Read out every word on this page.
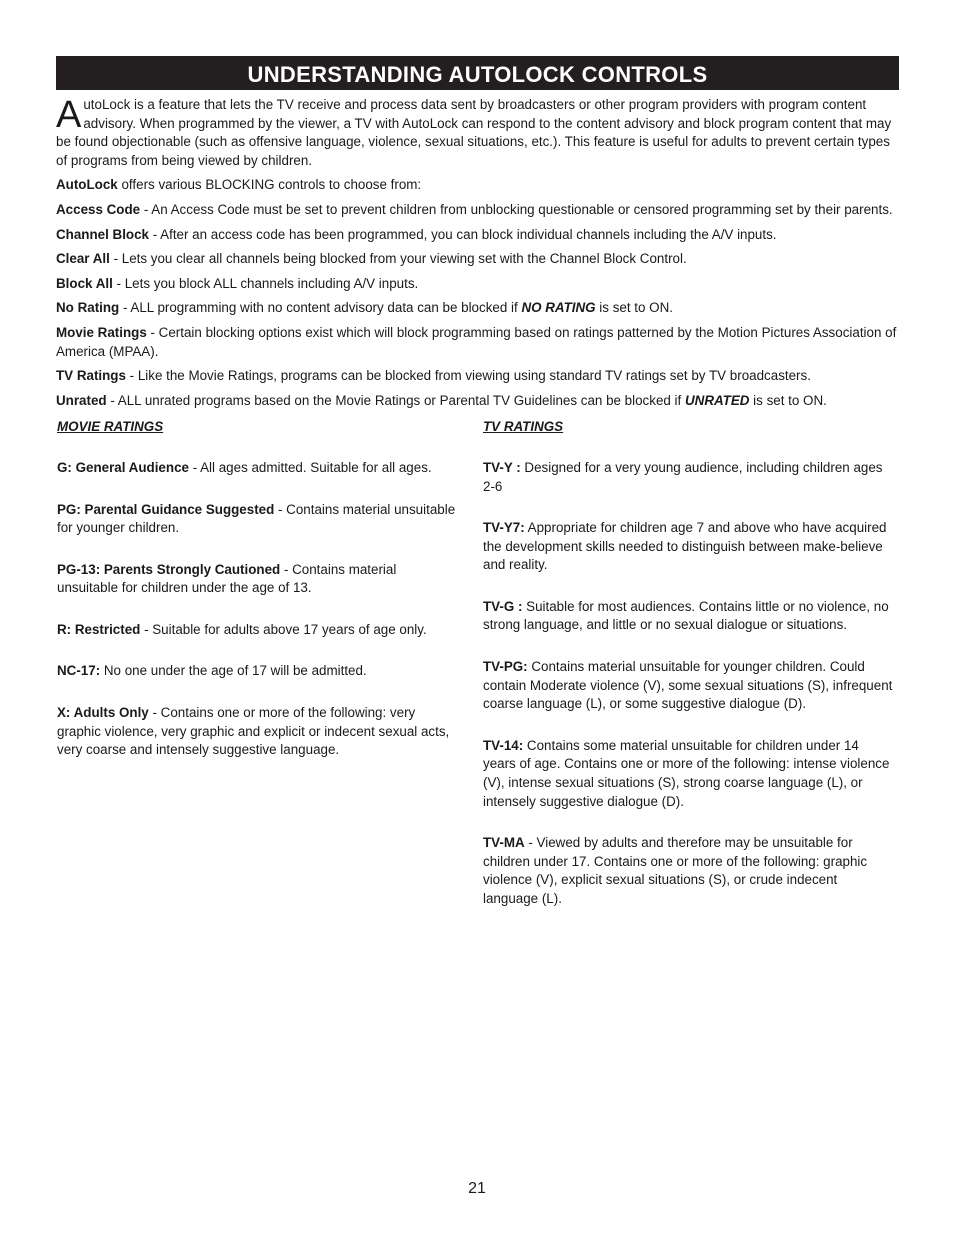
UNDERSTANDING AUTOLOCK CONTROLS

AutoLock is a feature that lets the TV receive and process data sent by broadcasters or other program providers with program content advisory. When programmed by the viewer, a TV with AutoLock can respond to the content advisory and block program content that may be found objectionable (such as offensive language, violence, sexual situations, etc.). This feature is useful for adults to prevent certain types of programs from being viewed by children.

AutoLock offers various BLOCKING controls to choose from:

Access Code - An Access Code must be set to prevent children from unblocking questionable or censored programming set by their parents.

Channel Block - After an access code has been programmed, you can block individual channels including the A/V inputs.

Clear All - Lets you clear all channels being blocked from your viewing set with the Channel Block Control.

Block All - Lets you block ALL channels including A/V inputs.

No Rating - ALL programming with no content advisory data can be blocked if NO RATING is set to ON.

Movie Ratings - Certain blocking options exist which will block programming based on ratings patterned by the Motion Pictures Association of America (MPAA).

TV Ratings - Like the Movie Ratings, programs can be blocked from viewing using standard TV ratings set by TV broadcasters.

Unrated - ALL unrated programs based on the Movie Ratings or Parental TV Guidelines can be blocked if UNRATED is set to ON.

MOVIE RATINGS

G: General Audience - All ages admitted. Suitable for all ages.

PG: Parental Guidance Suggested - Contains material unsuitable for younger children.

PG-13: Parents Strongly Cautioned - Contains material unsuitable for children under the age of 13.

R: Restricted - Suitable for adults above 17 years of age only.

NC-17: No one under the age of 17 will be admitted.

X: Adults Only - Contains one or more of the following: very graphic violence, very graphic and explicit or indecent sexual acts, very coarse and intensely suggestive language.

TV RATINGS

TV-Y : Designed for a very young audience, including children ages 2-6

TV-Y7: Appropriate for children age 7 and above who have acquired the development skills needed to distinguish between make-believe and reality.

TV-G : Suitable for most audiences. Contains little or no violence, no strong language, and little or no sexual dialogue or situations.

TV-PG: Contains material unsuitable for younger children. Could contain Moderate violence (V), some sexual situations (S), infrequent coarse language (L), or some suggestive dialogue (D).

TV-14: Contains some material unsuitable for children under 14 years of age. Contains one or more of the following: intense violence (V), intense sexual situations (S), strong coarse language (L), or intensely suggestive dialogue (D).

TV-MA - Viewed by adults and therefore may be unsuitable for children under 17. Contains one or more of the following: graphic violence (V), explicit sexual situations (S), or crude indecent language (L).

21
